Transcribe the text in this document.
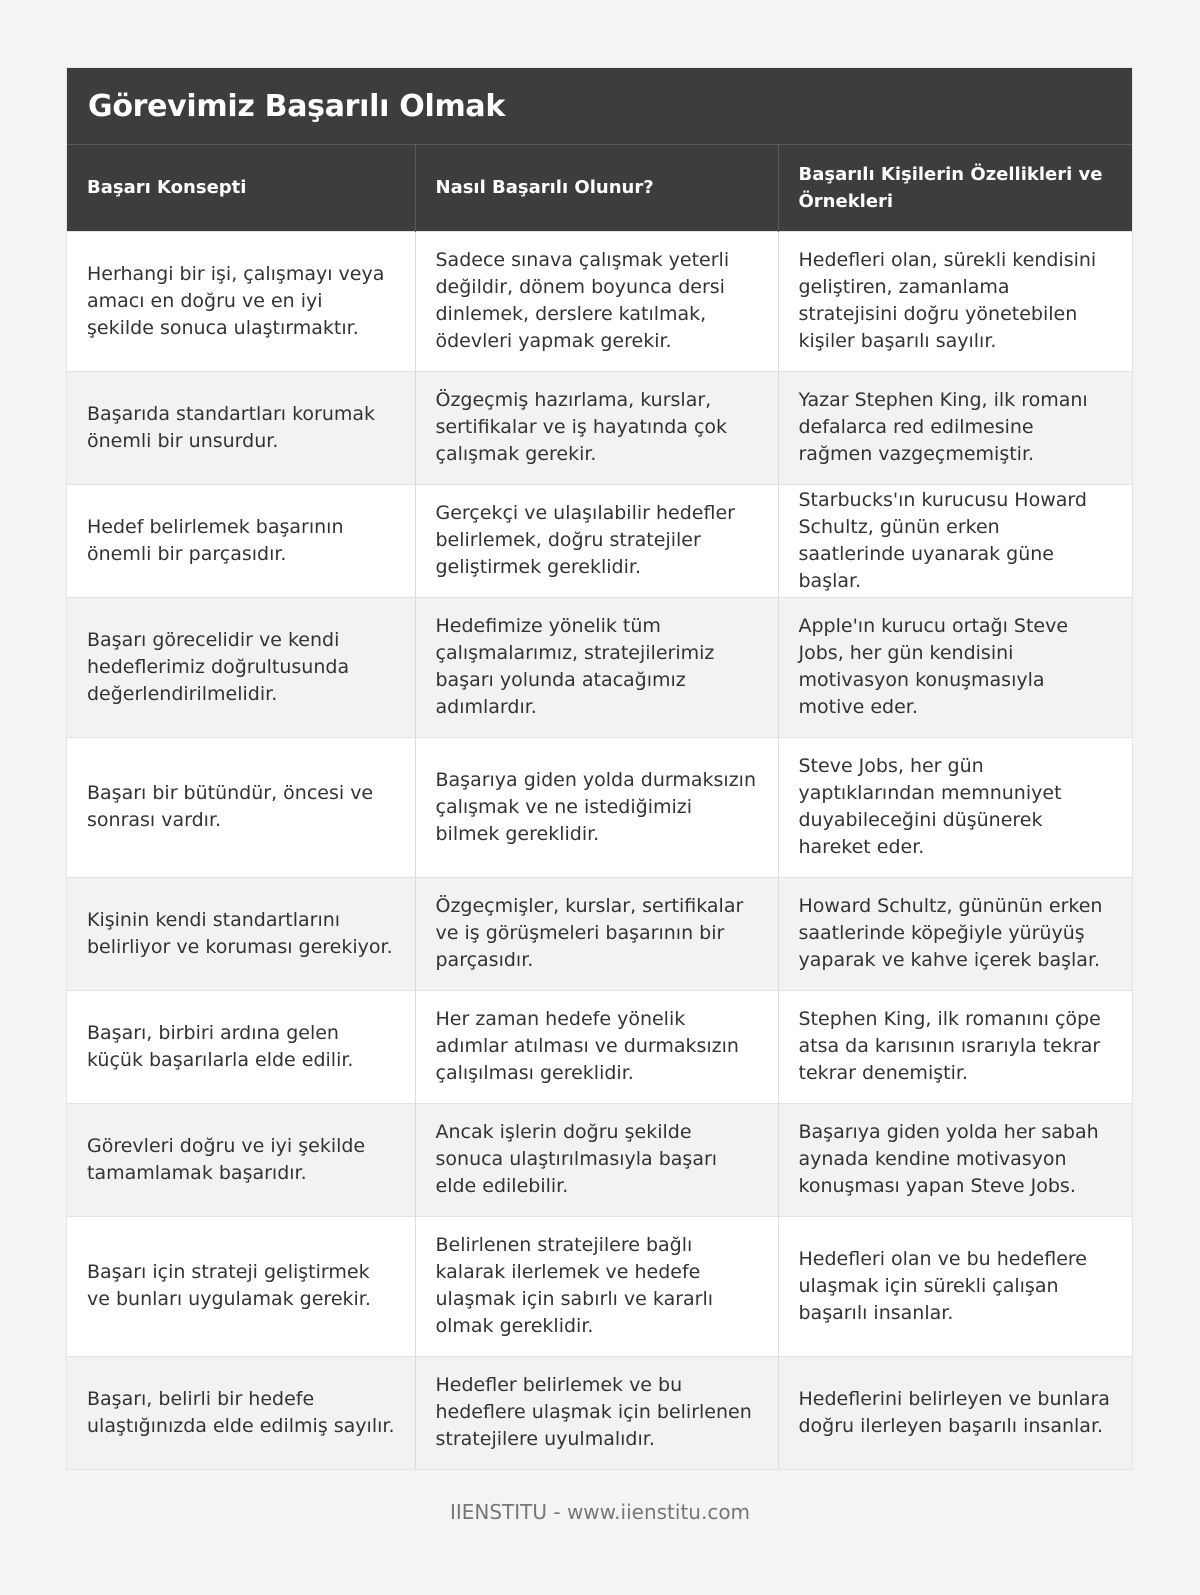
Görevimiz Başarılı Olmak
Başarı Konsepti	Nasıl Başarılı Olunur?	Başarılı Kişilerin Özellikleri ve Örnekleri
Herhangi bir işi, çalışmayı veya amacı en doğru ve en iyi şekilde sonuca ulaştırmaktır.	Sadece sınava çalışmak yeterli değildir, dönem boyunca dersi dinlemek, derslere katılmak, ödevleri yapmak gerekir.	Hedefleri olan, sürekli kendisini geliştiren, zamanlama stratejisini doğru yönetebilen kişiler başarılı sayılır.
Başarıda standartları korumak önemli bir unsurdur.	Özgeçmiş hazırlama, kurslar, sertifikalar ve iş hayatında çok çalışmak gerekir.	Yazar Stephen King, ilk romanı defalarca red edilmesine rağmen vazgeçmemiştir.
Hedef belirlemek başarının önemli bir parçasıdır.	Gerçekçi ve ulaşılabilir hedefler belirlemek, doğru stratejiler geliştirmek gereklidir.	Starbucks'ın kurucusu Howard Schultz, günün erken saatlerinde uyanarak güne başlar.
Başarı görecelidir ve kendi hedeflerimiz doğrultusunda değerlendirilmelidir.	Hedefimize yönelik tüm çalışmalarımız, stratejilerimiz başarı yolunda atacağımız adımlardır.	Apple'ın kurucu ortağı Steve Jobs, her gün kendisini motivasyon konuşmasıyla motive eder.
Başarı bir bütündür, öncesi ve sonrası vardır.	Başarıya giden yolda durmaksızın çalışmak ve ne istediğimizi bilmek gereklidir.	Steve Jobs, her gün yaptıklarından memnuniyet duyabileceğini düşünerek hareket eder.
Kişinin kendi standartlarını belirliyor ve koruması gerekiyor.	Özgeçmişler, kurslar, sertifikalar ve iş görüşmeleri başarının bir parçasıdır.	Howard Schultz, gününün erken saatlerinde köpeğiyle yürüyüş yaparak ve kahve içerek başlar.
Başarı, birbiri ardına gelen küçük başarılarla elde edilir.	Her zaman hedefe yönelik adımlar atılması ve durmaksızın çalışılması gereklidir.	Stephen King, ilk romanını çöpe atsa da karısının ısrarıyla tekrar tekrar denemiştir.
Görevleri doğru ve iyi şekilde tamamlamak başarıdır.	Ancak işlerin doğru şekilde sonuca ulaştırılmasıyla başarı elde edilebilir.	Başarıya giden yolda her sabah aynada kendine motivasyon konuşması yapan Steve Jobs.
Başarı için strateji geliştirmek ve bunları uygulamak gerekir.	Belirlenen stratejilere bağlı kalarak ilerlemek ve hedefe ulaşmak için sabırlı ve kararlı olmak gereklidir.	Hedefleri olan ve bu hedeflere ulaşmak için sürekli çalışan başarılı insanlar.
Başarı, belirli bir hedefe ulaştığınızda elde edilmiş sayılır.	Hedefler belirlemek ve bu hedeflere ulaşmak için belirlenen stratejilere uyulmalıdır.	Hedeflerini belirleyen ve bunlara doğru ilerleyen başarılı insanlar.
IIENSTITU - www.iienstitu.com
